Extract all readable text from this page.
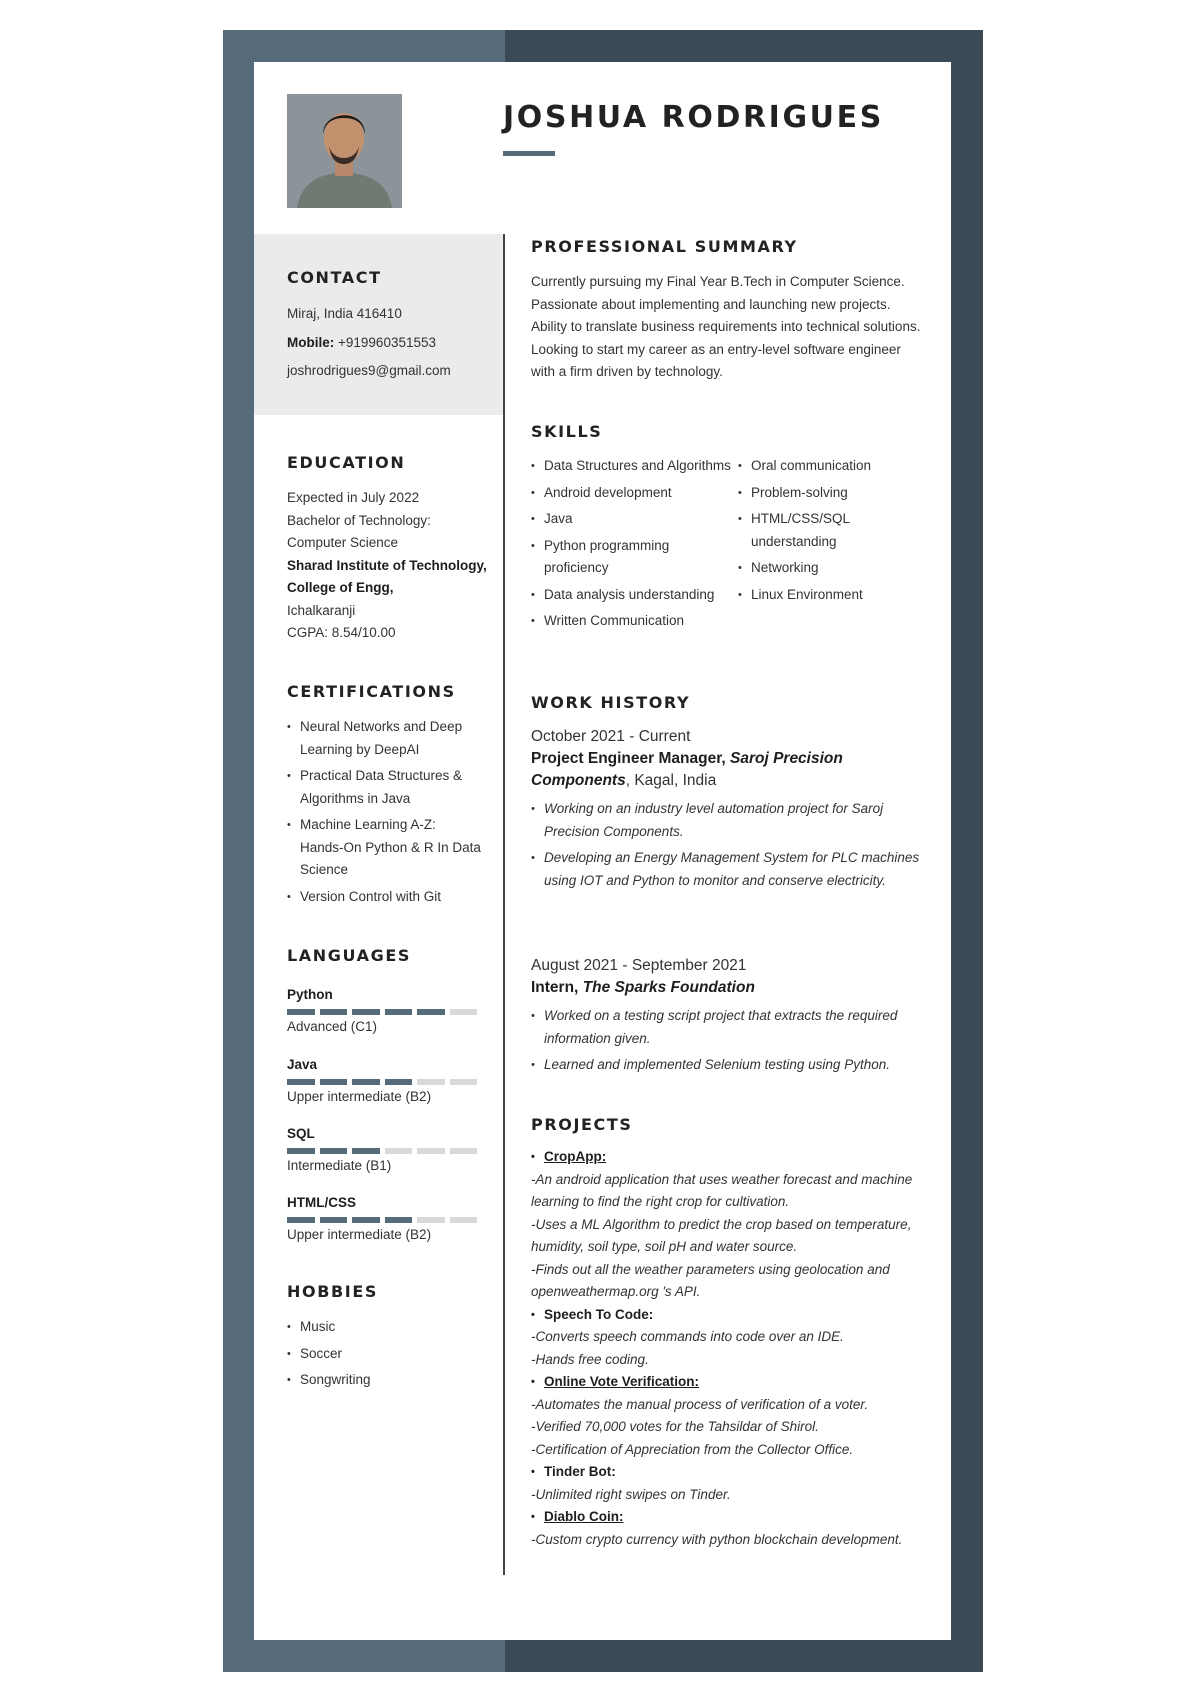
JOSHUA RODRIGUES
CONTACT
Miraj, India 416410
Mobile: +919960351553
joshrodrigues9@gmail.com
EDUCATION
Expected in July 2022
Bachelor of Technology:
Computer Science
Sharad Institute of Technology, College of Engg,
Ichalkaranji
CGPA: 8.54/10.00
CERTIFICATIONS
• Neural Networks and Deep Learning by DeepAI
• Practical Data Structures & Algorithms in Java
• Machine Learning A-Z: Hands-On Python & R In Data Science
• Version Control with Git
LANGUAGES
Python
Advanced (C1)
Java
Upper intermediate (B2)
SQL
Intermediate (B1)
HTML/CSS
Upper intermediate (B2)
HOBBIES
• Music
• Soccer
• Songwriting
PROFESSIONAL SUMMARY
Currently pursuing my Final Year B.Tech in Computer Science. Passionate about implementing and launching new projects. Ability to translate business requirements into technical solutions. Looking to start my career as an entry-level software engineer with a firm driven by technology.
SKILLS
• Data Structures and Algorithms
• Android development
• Java
• Python programming proficiency
• Data analysis understanding
• Written Communication
• Oral communication
• Problem-solving
• HTML/CSS/SQL understanding
• Networking
• Linux Environment
WORK HISTORY
October 2021 - Current
Project Engineer Manager, Saroj Precision Components, Kagal, India
• Working on an industry level automation project for Saroj Precision Components.
• Developing an Energy Management System for PLC machines using IOT and Python to monitor and conserve electricity.
August 2021 - September 2021
Intern, The Sparks Foundation
• Worked on a testing script project that extracts the required information given.
• Learned and implemented Selenium testing using Python.
PROJECTS
• CropApp:
-An android application that uses weather forecast and machine learning to find the right crop for cultivation.
-Uses a ML Algorithm to predict the crop based on temperature, humidity, soil type, soil pH and water source.
-Finds out all the weather parameters using geolocation and openweathermap.org 's API.
• Speech To Code:
-Converts speech commands into code over an IDE.
-Hands free coding.
• Online Vote Verification:
-Automates the manual process of verification of a voter.
-Verified 70,000 votes for the Tahsildar of Shirol.
-Certification of Appreciation from the Collector Office.
• Tinder Bot:
-Unlimited right swipes on Tinder.
• Diablo Coin:
-Custom crypto currency with python blockchain development.
